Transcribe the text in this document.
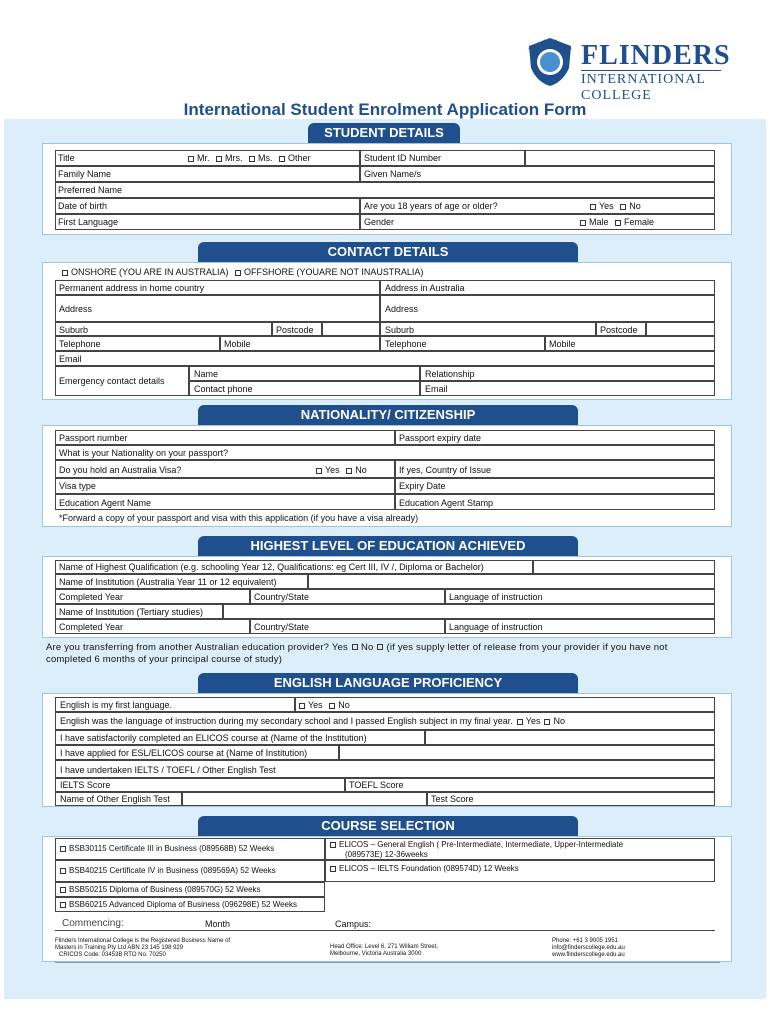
FLINDERS
INTERNATIONAL COLLEGE
International Student Enrolment Application Form
STUDENT DETAILS
Title	Mr. Mrs. Ms. Other	Student ID Number
Family Name	Given Name/s
Preferred Name
Date of birth	Are you 18 years of age or older?	Yes No
First Language	Gender	Male Female
CONTACT DETAILS
ONSHORE (YOU ARE IN AUSTRALIA) OFFSHORE (YOUARE NOT INAUSTRALIA)
Permanent address in home country	Address in Australia
Address	Address
Suburb	Postcode	Suburb	Postcode
Telephone	Mobile	Telephone	Mobile
Email
Emergency contact details
Name	Relationship
Contact phone	Email
NATIONALITY/ CITIZENSHIP
Passport number	Passport expiry date
What is your Nationality on your passport?
Do you hold an Australia Visa?	Yes No	If yes, Country of Issue
Visa type	Expiry Date
Education Agent Name	Education Agent Stamp
*Forward a copy of your passport and visa with this application (if you have a visa already)
HIGHEST LEVEL OF EDUCATION ACHIEVED
Name of Highest Qualification (e.g. schooling Year 12, Qualifications: eg Cert III, IV /, Diploma or Bachelor)
Name of Institution (Australia Year 11 or 12 equivalent)
Completed Year	Country/State	Language of instruction
Name of Institution (Tertiary studies)
Completed Year	Country/State	Language of instruction
Are you transferring from another Australian education provider? Yes No (if yes supply letter of release from your provider if you have not
completed 6 months of your principal course of study)
ENGLISH LANGUAGE PROFICIENCY
English is my first language.	Yes No
English was the language of instruction during my secondary school and I passed English subject in my final year. Yes No
I have satisfactorily completed an ELICOS course at (Name of the Institution)
I have applied for ESL/ELICOS course at (Name of Institution)
I have undertaken IELTS / TOEFL / Other English Test
IELTS Score	TOEFL Score
Name of Other English Test	Test Score
COURSE SELECTION
BSB30115 Certificate III in Business (089568B) 52 Weeks	ELICOS – General English ( Pre-Intermediate, Intermediate, Upper-Intermediate
(089573E) 12-36weeks
BSB40215 Certificate IV in Business (089569A) 52 Weeks	ELICOS – IELTS Foundation (089574D) 12 Weeks
BSB50215 Diploma of Business (089570G) 52 Weeks
BSB60215 Advanced Diploma of Business (096298E) 52 Weeks
Commencing:	Month	Campus:
Flinders International College is the Registered Business Name of
Masters in Training Pty Ltd ABN 23 145 198 929
CRICOS Code: 03453B RTO No. 70250
Head Office: Level 6, 271 William Street,
Melbourne, Victoria Australia 3000
Phone: +61 3 9005 1951
info@finderscollege.edu.au
www.flinderscollege.edu.au
